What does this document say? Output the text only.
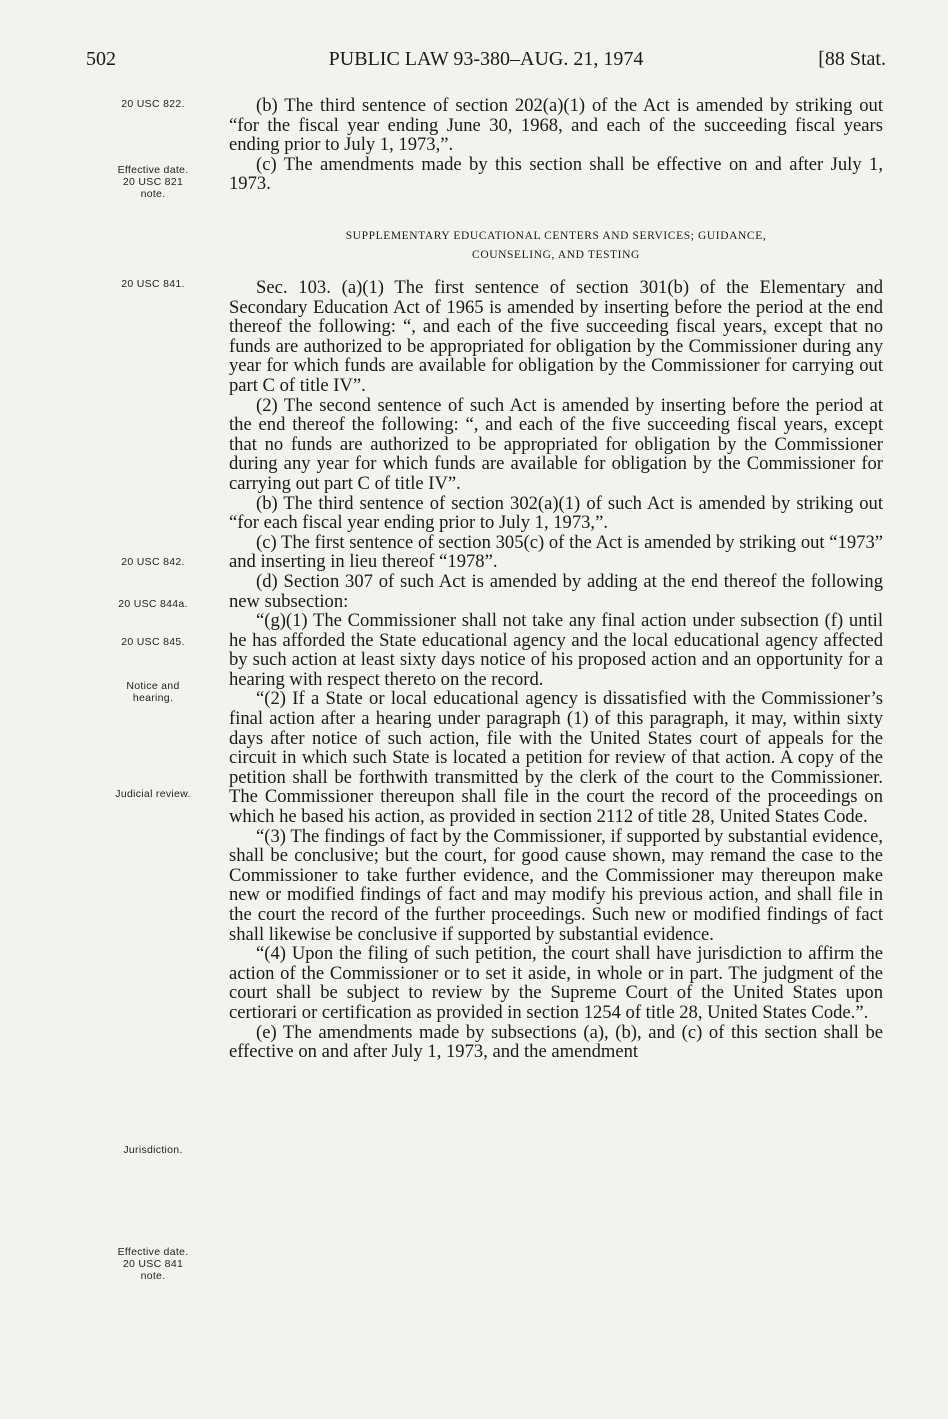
502	PUBLIC LAW 93-380–AUG. 21, 1974	[88 Stat.
20 USC 822.
Effective date.
20 USC 821
note.
20 USC 841.
20 USC 842.
20 USC 844a.
20 USC 845.
Notice and
hearing.
Judicial review.
Jurisdiction.
Effective date.
20 USC 841
note.

(b) The third sentence of section 202(a)(1) of the Act is amended by striking out “for the fiscal year ending June 30, 1968, and each of the succeeding fiscal years ending prior to July 1, 1973,”.

(c) The amendments made by this section shall be effective on and after July 1, 1973.

SUPPLEMENTARY EDUCATIONAL CENTERS AND SERVICES; GUIDANCE,
COUNSELING, AND TESTING

Sec. 103. (a)(1) The first sentence of section 301(b) of the Elementary and Secondary Education Act of 1965 is amended by inserting before the period at the end thereof the following: “, and each of the five succeeding fiscal years, except that no funds are authorized to be appropriated for obligation by the Commissioner during any year for which funds are available for obligation by the Commissioner for carrying out part C of title IV”.

(2) The second sentence of such Act is amended by inserting before the period at the end thereof the following: “, and each of the five succeeding fiscal years, except that no funds are authorized to be appropriated for obligation by the Commissioner during any year for which funds are available for obligation by the Commissioner for carrying out part C of title IV”.

(b) The third sentence of section 302(a)(1) of such Act is amended by striking out “for each fiscal year ending prior to July 1, 1973,”.

(c) The first sentence of section 305(c) of the Act is amended by striking out “1973” and inserting in lieu thereof “1978”.

(d) Section 307 of such Act is amended by adding at the end thereof the following new subsection:

“(g)(1) The Commissioner shall not take any final action under subsection (f) until he has afforded the State educational agency and the local educational agency affected by such action at least sixty days notice of his proposed action and an opportunity for a hearing with respect thereto on the record.

“(2) If a State or local educational agency is dissatisfied with the Commissioner’s final action after a hearing under paragraph (1) of this paragraph, it may, within sixty days after notice of such action, file with the United States court of appeals for the circuit in which such State is located a petition for review of that action. A copy of the petition shall be forthwith transmitted by the clerk of the court to the Commissioner. The Commissioner thereupon shall file in the court the record of the proceedings on which he based his action, as provided in section 2112 of title 28, United States Code.

“(3) The findings of fact by the Commissioner, if supported by substantial evidence, shall be conclusive; but the court, for good cause shown, may remand the case to the Commissioner to take further evidence, and the Commissioner may thereupon make new or modified findings of fact and may modify his previous action, and shall file in the court the record of the further proceedings. Such new or modified findings of fact shall likewise be conclusive if supported by substantial evidence.

“(4) Upon the filing of such petition, the court shall have jurisdiction to affirm the action of the Commissioner or to set it aside, in whole or in part. The judgment of the court shall be subject to review by the Supreme Court of the United States upon certiorari or certification as provided in section 1254 of title 28, United States Code.”.

(e) The amendments made by subsections (a), (b), and (c) of this section shall be effective on and after July 1, 1973, and the amendment
